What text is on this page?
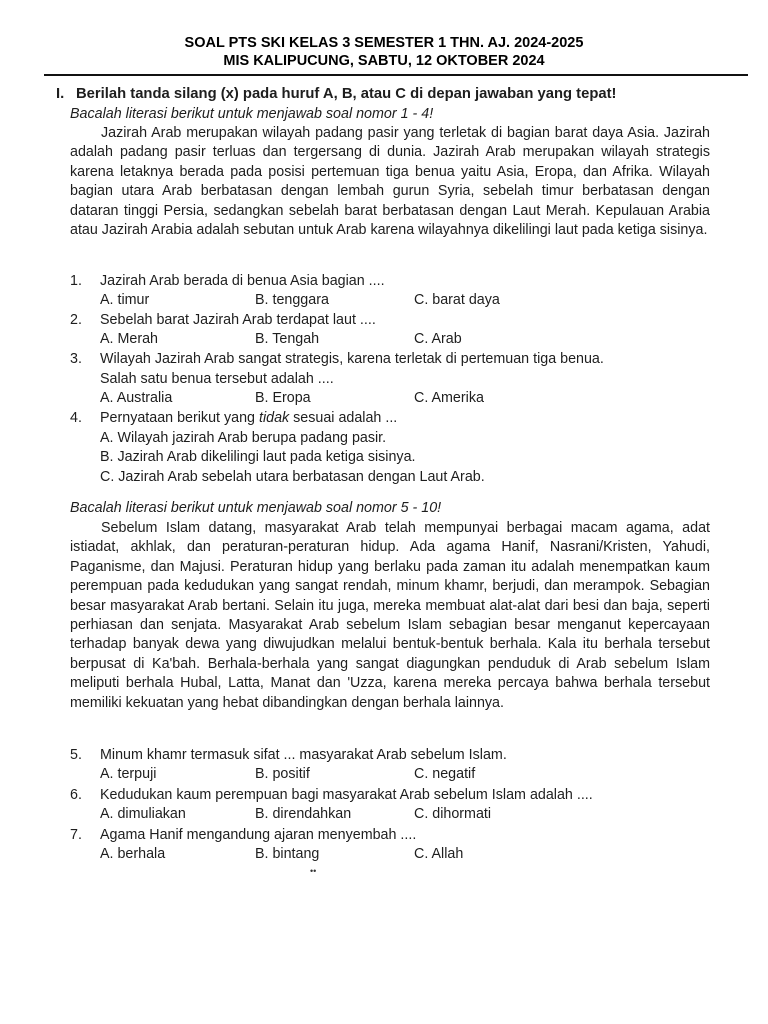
SOAL PTS SKI KELAS 3 SEMESTER 1 THN. AJ. 2024-2025
MIS KALIPUCUNG, SABTU, 12 OKTOBER 2024
I. Berilah tanda silang (x) pada huruf A, B, atau C di depan jawaban yang tepat!
Bacalah literasi berikut untuk menjawab soal nomor 1 - 4!
Jazirah Arab merupakan wilayah padang pasir yang terletak di bagian barat daya Asia. Jazirah adalah padang pasir terluas dan tergersang di dunia. Jazirah Arab merupakan wilayah strategis karena letaknya berada pada posisi pertemuan tiga benua yaitu Asia, Eropa, dan Afrika. Wilayah bagian utara Arab berbatasan dengan lembah gurun Syria, sebelah timur berbatasan dengan dataran tinggi Persia, sedangkan sebelah barat berbatasan dengan Laut Merah. Kepulauan Arabia atau Jazirah Arabia adalah sebutan untuk Arab karena wilayahnya dikelilingi laut pada ketiga sisinya.
1. Jazirah Arab berada di benua Asia bagian ....
A. timur	B. tenggara	C. barat daya
2. Sebelah barat Jazirah Arab terdapat laut ....
A. Merah	B. Tengah	C. Arab
3. Wilayah Jazirah Arab sangat strategis, karena terletak di pertemuan tiga benua.
Salah satu benua tersebut adalah ....
A. Australia	B. Eropa	C. Amerika
4. Pernyataan berikut yang tidak sesuai adalah ...
A. Wilayah jazirah Arab berupa padang pasir.
B. Jazirah Arab dikelilingi laut pada ketiga sisinya.
C. Jazirah Arab sebelah utara berbatasan dengan Laut Arab.
Bacalah literasi berikut untuk menjawab soal nomor 5 - 10!
Sebelum Islam datang, masyarakat Arab telah mempunyai berbagai macam agama, adat istiadat, akhlak, dan peraturan-peraturan hidup. Ada agama Hanif, Nasrani/Kristen, Yahudi, Paganisme, dan Majusi. Peraturan hidup yang berlaku pada zaman itu adalah menempatkan kaum perempuan pada kedudukan yang sangat rendah, minum khamr, berjudi, dan merampok. Sebagian besar masyarakat Arab bertani. Selain itu juga, mereka membuat alat-alat dari besi dan baja, seperti perhiasan dan senjata. Masyarakat Arab sebelum Islam sebagian besar menganut kepercayaan terhadap banyak dewa yang diwujudkan melalui bentuk-bentuk berhala. Kala itu berhala tersebut berpusat di Ka'bah. Berhala-berhala yang sangat diagungkan penduduk di Arab sebelum Islam meliputi berhala Hubal, Latta, Manat dan 'Uzza, karena mereka percaya bahwa berhala tersebut memiliki kekuatan yang hebat dibandingkan dengan berhala lainnya.
5. Minum khamr termasuk sifat ... masyarakat Arab sebelum Islam.
A. terpuji	B. positif	C. negatif
6. Kedudukan kaum perempuan bagi masyarakat Arab sebelum Islam adalah ....
A. dimuliakan	B. direndahkan	C. dihormati
7. Agama Hanif mengandung ajaran menyembah ....
A. berhala	B. bintang	C. Allah
••
